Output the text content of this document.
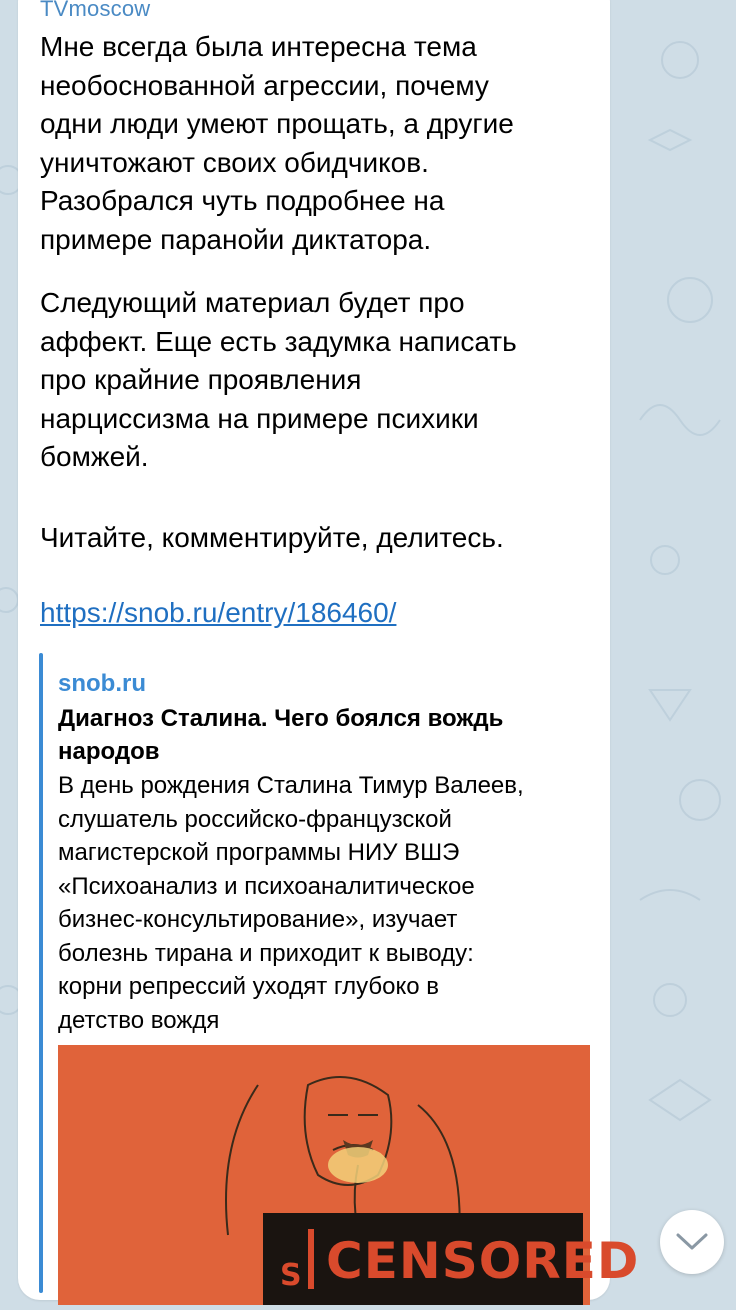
TVmoscow
Мне всегда была интересна тема
необоснованной агрессии, почему
одни люди умеют прощать, а другие
уничтожают своих обидчиков.
Разобрался чуть подробнее на
примере паранойи диктатора.
Следующий материал будет про
аффект. Еще есть задумка написать
про крайние проявления
нарциссизма на примере психики
бомжей.
Читайте, комментируйте, делитесь.
https://snob.ru/entry/186460/
snob.ru
Диагноз Сталина. Чего боялся вождь народов
В день рождения Сталина Тимур Валеев,
слушатель российско-французской
магистерской программы НИУ ВШЭ
«Психоанализ и психоаналитическое
бизнес-консультирование», изучает
болезнь тирана и приходит к выводу:
корни репрессий уходят глубоко в
детство вождя
S CENSORED
